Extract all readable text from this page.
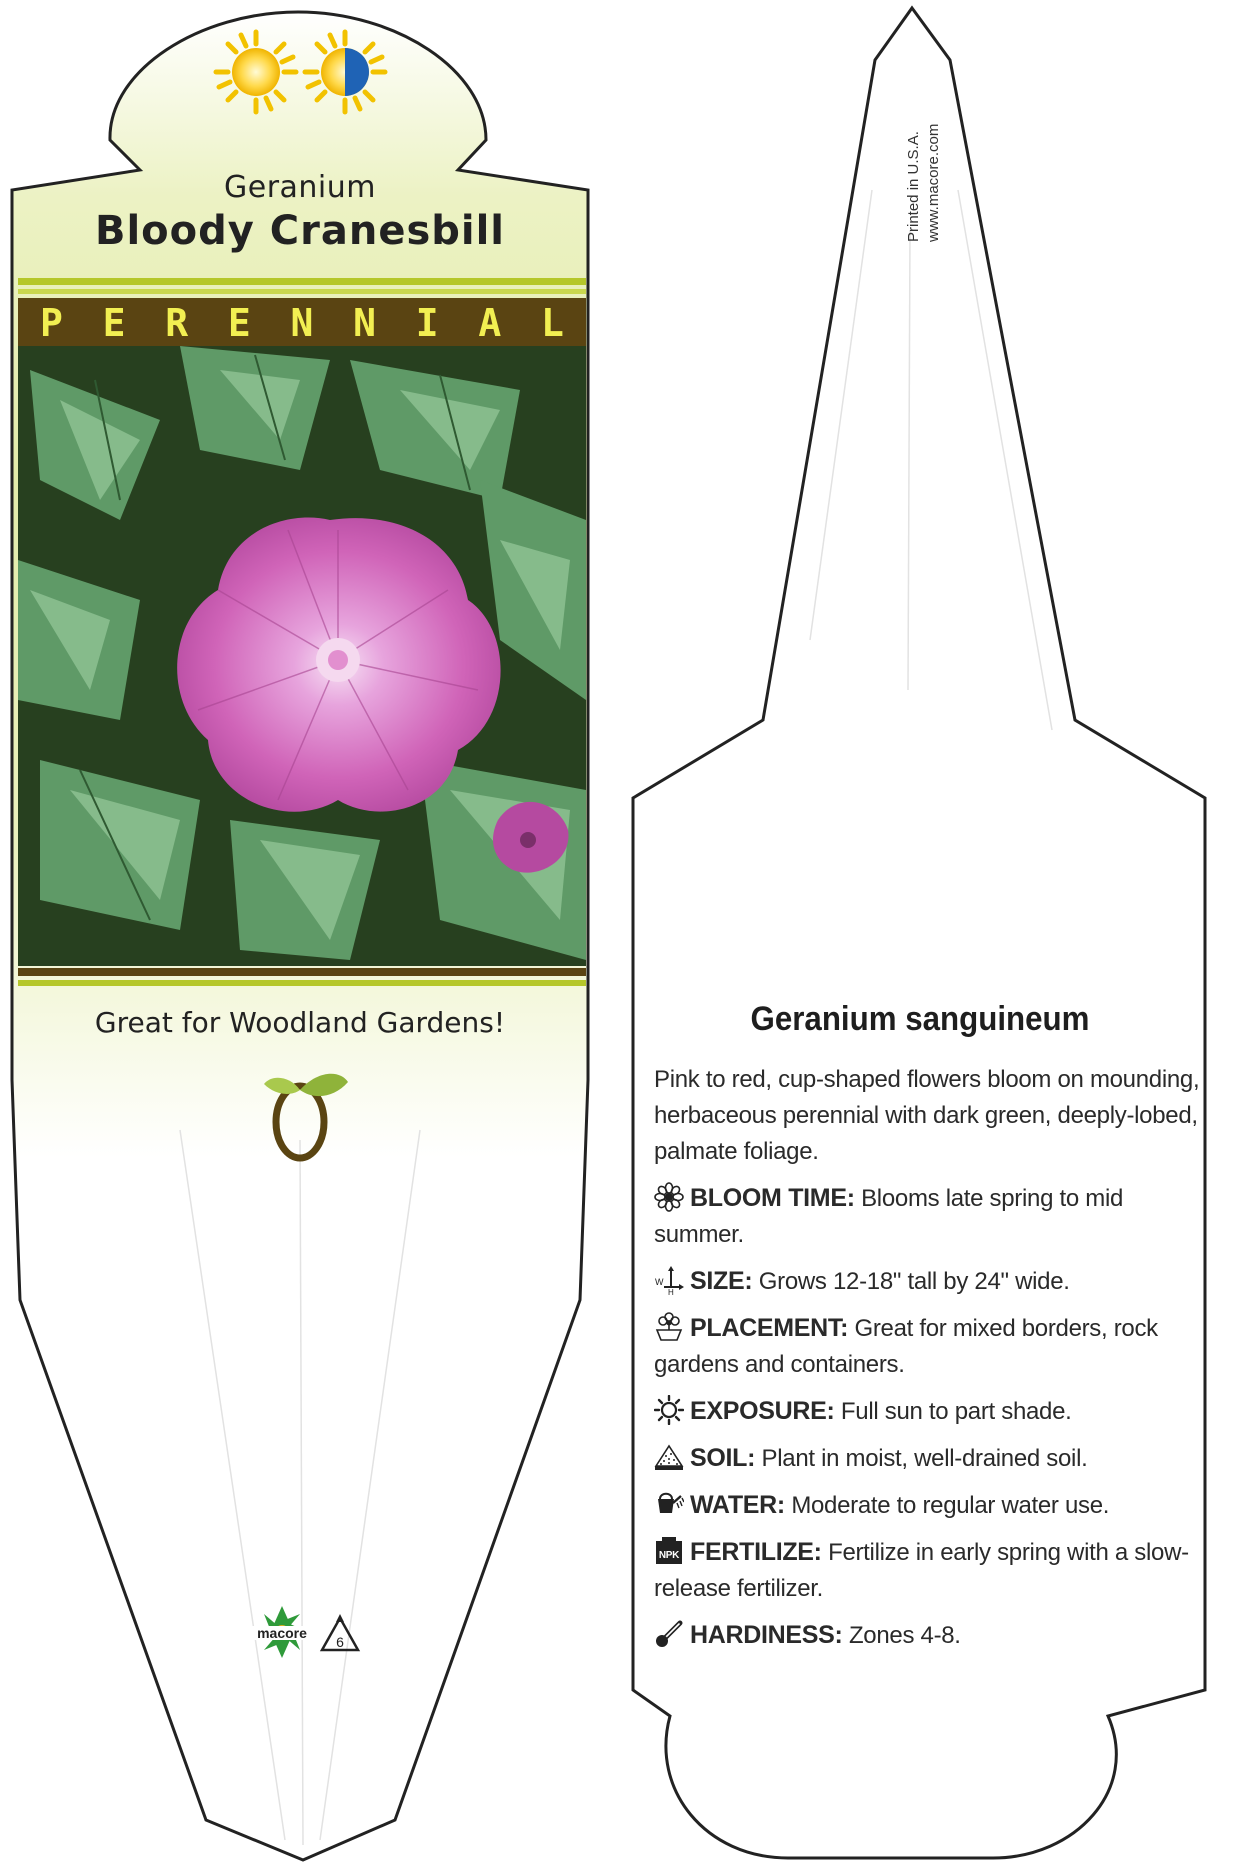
macore
6
Geranium
Bloody Cranesbill
P E R E N N I A L
Great for Woodland Gardens!
Printed in U.S.A. www.macore.com
Geranium sanguineum

Pink to red, cup-shaped flowers bloom on mounding, herbaceous perennial with dark green, deeply-lobed, palmate foliage.

BLOOM TIME: Blooms late spring to mid summer.
W
H SIZE: Grows 12-18" tall by 24" wide.
PLACEMENT: Great for mixed borders, rock gardens and containers.
EXPOSURE: Full sun to part shade.
SOIL: Plant in moist, well-drained soil.
WATER: Moderate to regular water use.
NPK FERTILIZE: Fertilize in early spring with a slow-release fertilizer.
HARDINESS: Zones 4-8.
